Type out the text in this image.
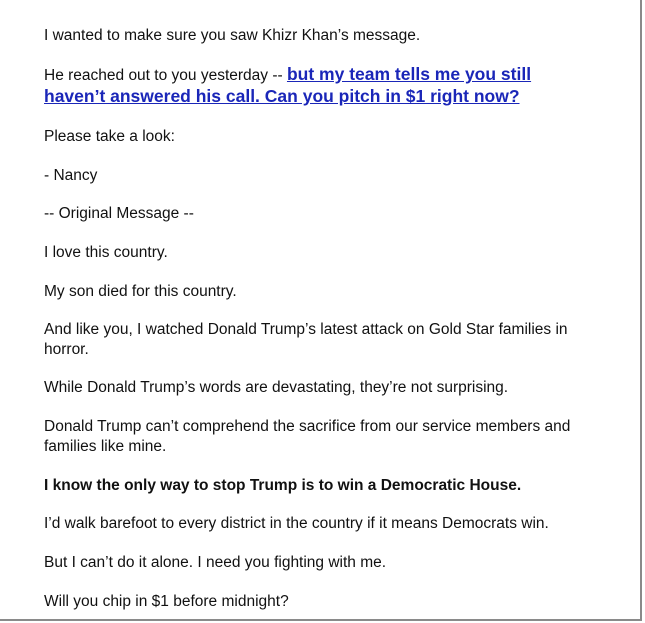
I wanted to make sure you saw Khizr Khan’s message.

He reached out to you yesterday -- but my team tells me you still haven’t answered his call. Can you pitch in $1 right now?

Please take a look:

- Nancy

-- Original Message --

I love this country.

My son died for this country.

And like you, I watched Donald Trump’s latest attack on Gold Star families in horror.

While Donald Trump’s words are devastating, they’re not surprising.

Donald Trump can’t comprehend the sacrifice from our service members and families like mine.

I know the only way to stop Trump is to win a Democratic House.

I’d walk barefoot to every district in the country if it means Democrats win.

But I can’t do it alone. I need you fighting with me.

Will you chip in $1 before midnight?
